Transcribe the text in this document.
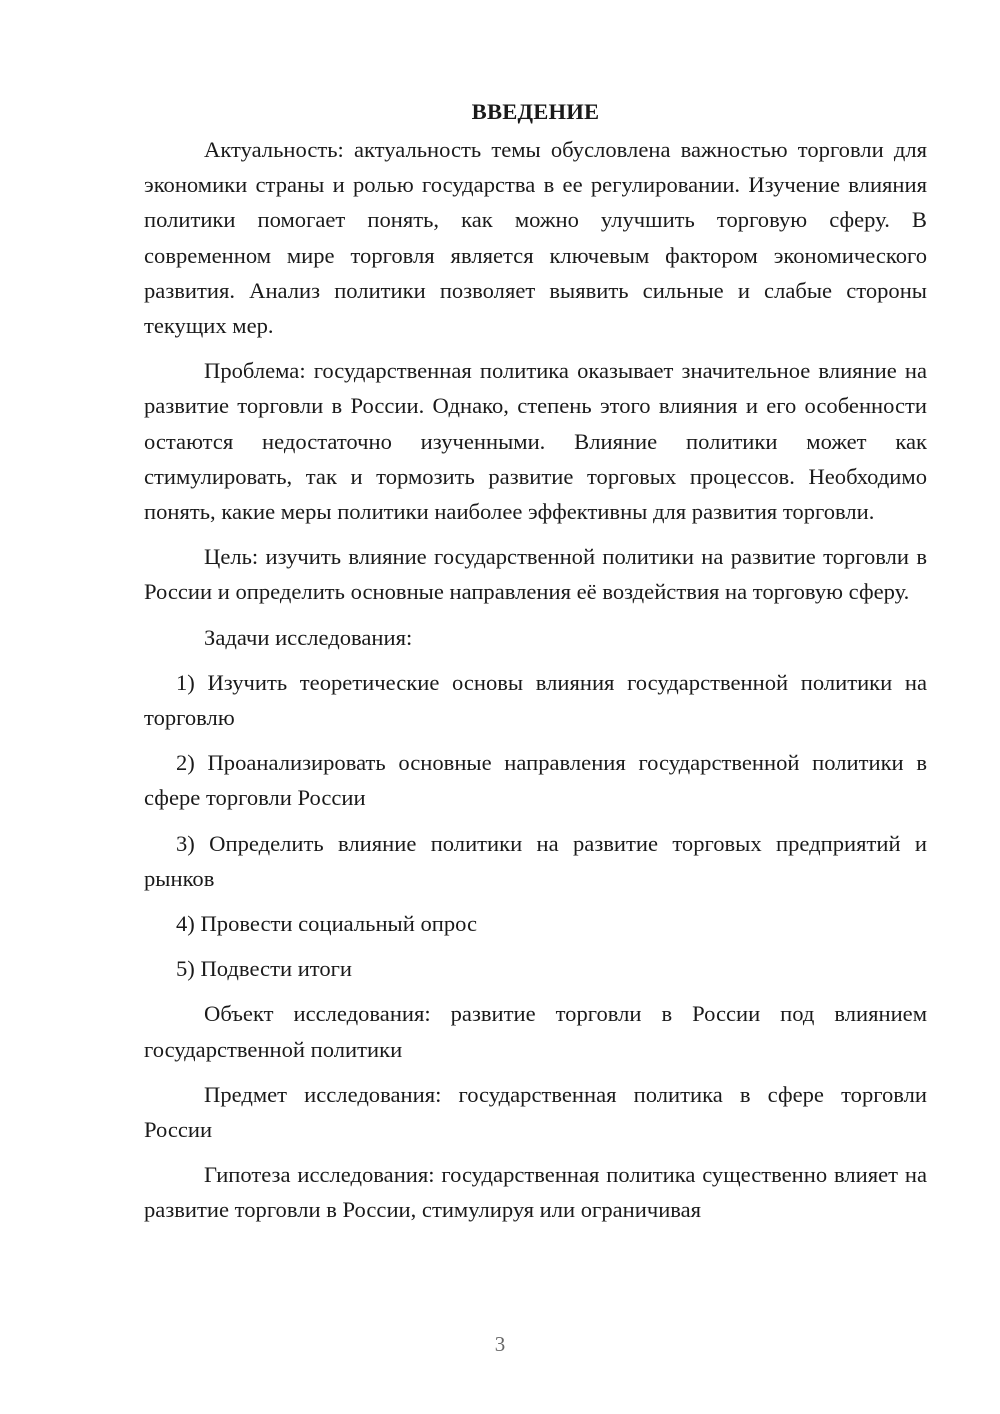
ВВЕДЕНИЕ

Актуальность: актуальность темы обусловлена важностью торговли для экономики страны и ролью государства в ее регулировании. Изучение влияния политики помогает понять, как можно улучшить торговую сферу. В современном мире торговля является ключевым фактором экономического развития. Анализ политики позволяет выявить сильные и слабые стороны текущих мер.

Проблема: государственная политика оказывает значительное влияние на развитие торговли в России. Однако, степень этого влияния и его особенности остаются недостаточно изученными. Влияние политики может как стимулировать, так и тормозить развитие торговых процессов. Необходимо понять, какие меры политики наиболее эффективны для развития торговли.

Цель: изучить влияние государственной политики на развитие торговли в России и определить основные направления её воздействия на торговую сферу.

Задачи исследования:

1) Изучить теоретические основы влияния государственной политики на торговлю

2) Проанализировать основные направления государственной политики в сфере торговли России

3) Определить влияние политики на развитие торговых предприятий и рынков

4) Провести социальный опрос

5) Подвести итоги

Объект исследования: развитие торговли в России под влиянием государственной политики

Предмет исследования: государственная политика в сфере торговли России

Гипотеза исследования: государственная политика существенно влияет на развитие торговли в России, стимулируя или ограничивая

3
